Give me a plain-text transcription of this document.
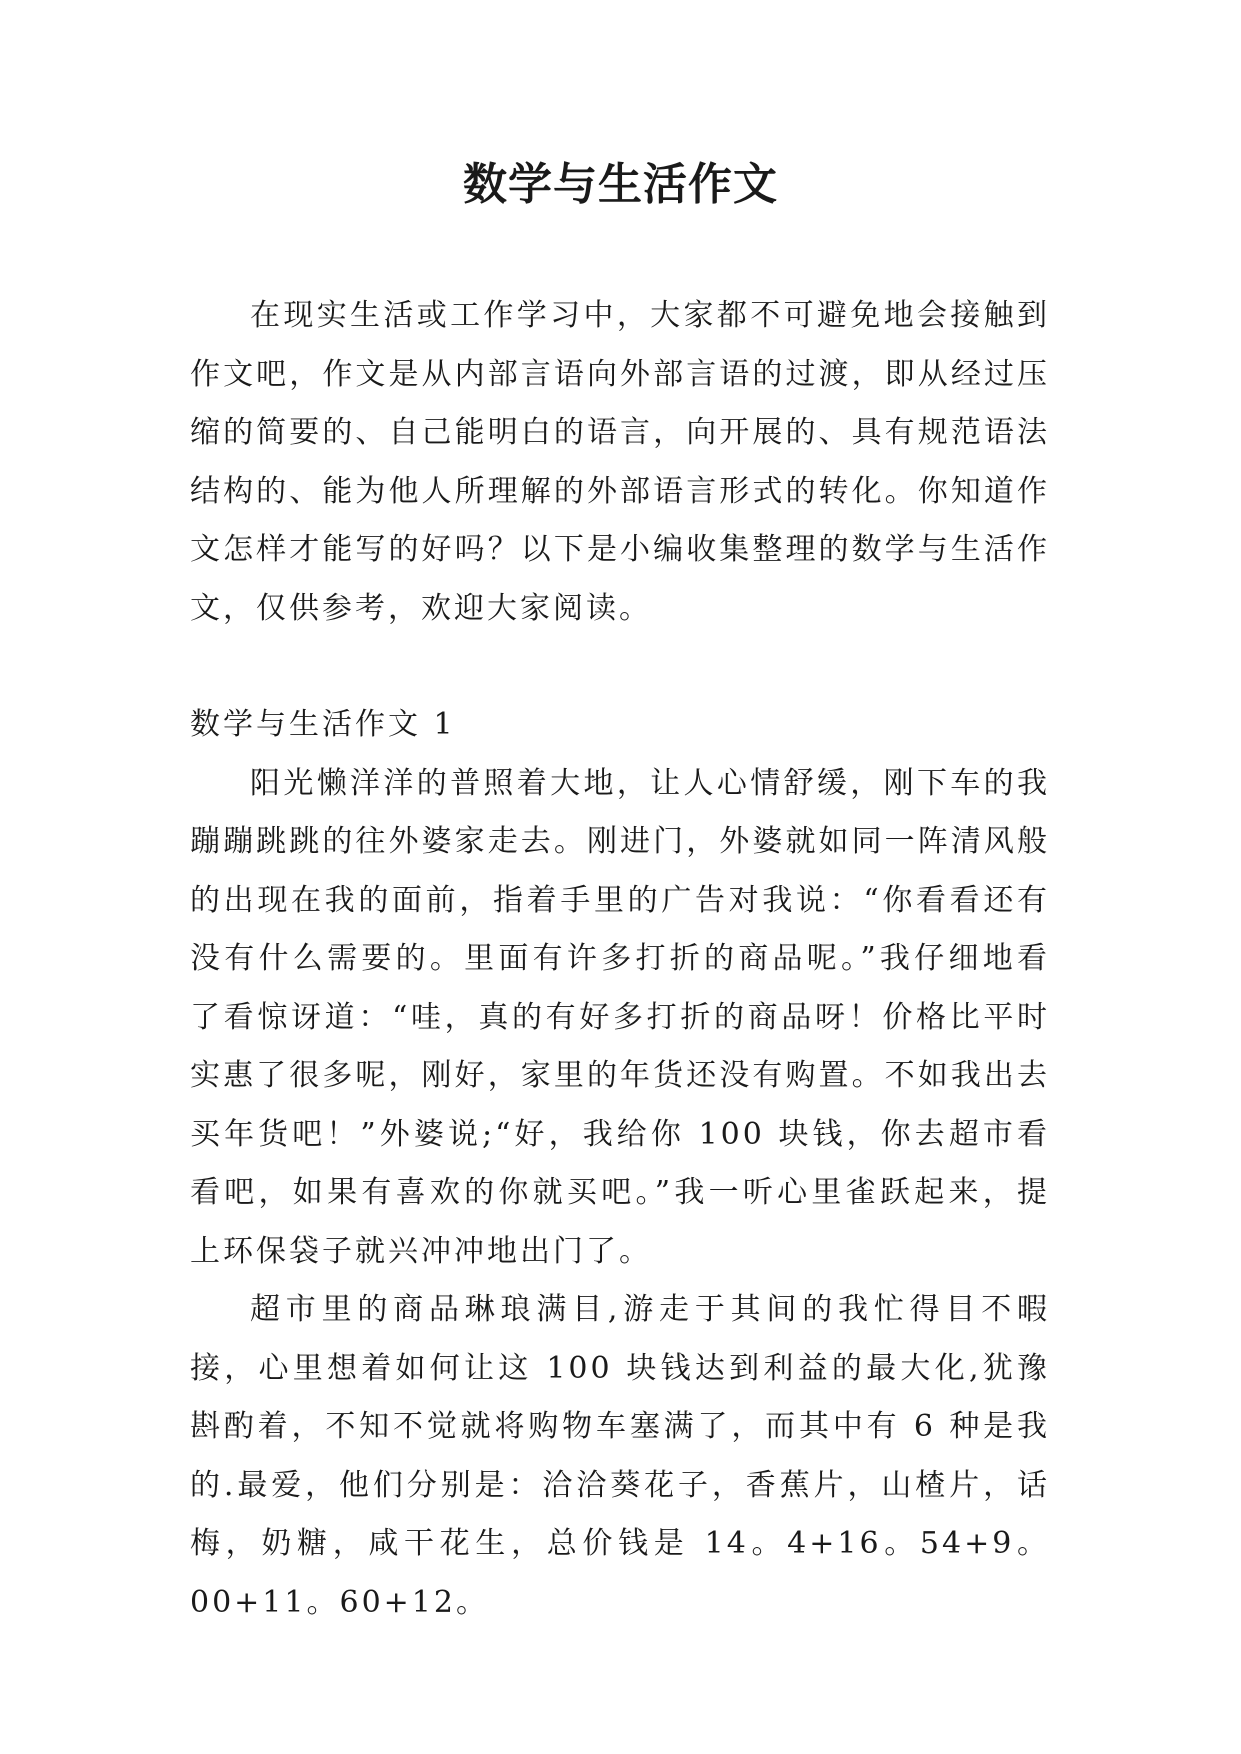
数学与生活作文

在现实生活或工作学习中，大家都不可避免地会接触到作文吧，作文是从内部言语向外部言语的过渡，即从经过压缩的简要的、自己能明白的语言，向开展的、具有规范语法结构的、能为他人所理解的外部语言形式的转化。你知道作文怎样才能写的好吗？以下是小编收集整理的数学与生活作文，仅供参考，欢迎大家阅读。

数学与生活作文 1

阳光懒洋洋的普照着大地，让人心情舒缓，刚下车的我蹦蹦跳跳的往外婆家走去。刚进门，外婆就如同一阵清风般的出现在我的面前，指着手里的广告对我说：“你看看还有没有什么需要的。里面有许多打折的商品呢。”我仔细地看了看惊讶道：“哇，真的有好多打折的商品呀！价格比平时实惠了很多呢，刚好，家里的年货还没有购置。不如我出去买年货吧！”外婆说;“好，我给你 100 块钱，你去超市看看吧，如果有喜欢的你就买吧。”我一听心里雀跃起来，提上环保袋子就兴冲冲地出门了。

超市里的商品琳琅满目,游走于其间的我忙得目不暇接，心里想着如何让这 100 块钱达到利益的最大化,犹豫斟酌着，不知不觉就将购物车塞满了，而其中有 6 种是我的.最爱，他们分别是：洽洽葵花子，香蕉片，山楂片，话梅，奶糖，咸干花生，总价钱是 14。4+16。54+9。00+11。60+12。
